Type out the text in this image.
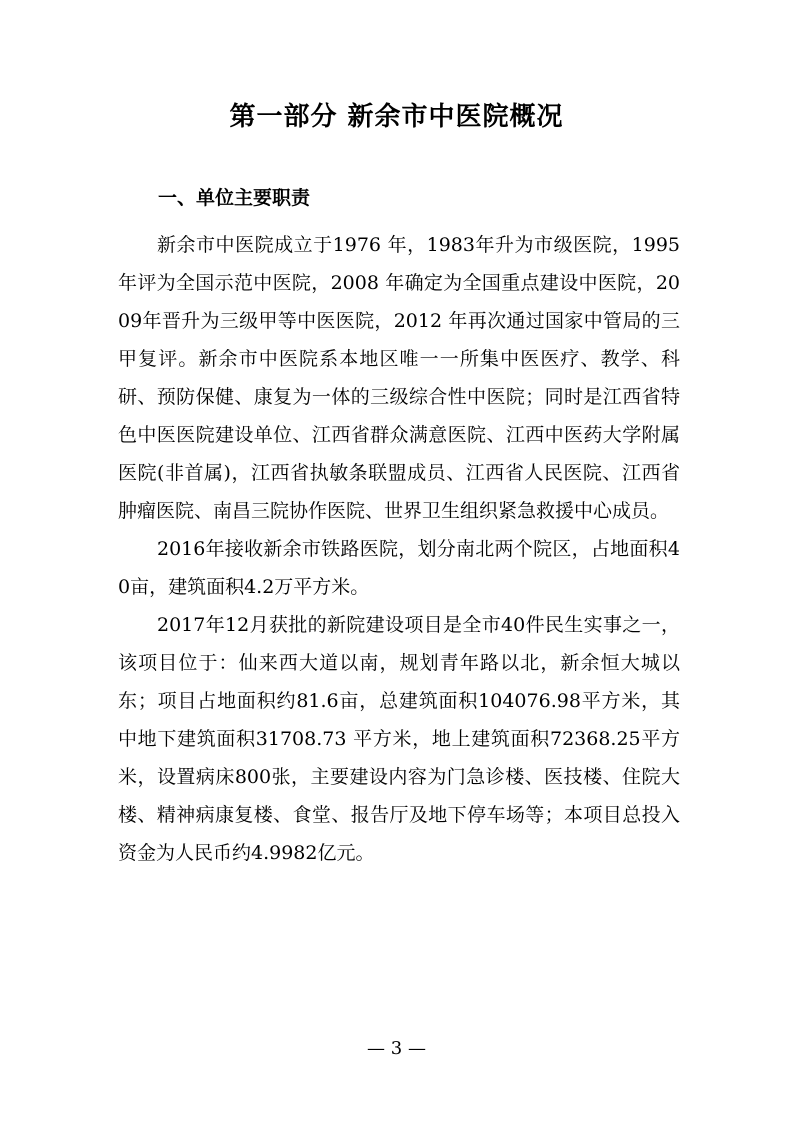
第一部分 新余市中医院概况
一、单位主要职责

新余市中医院成立于1976 年，1983年升为市级医院，1995年评为全国示范中医院，2008 年确定为全国重点建设中医院，2009年晋升为三级甲等中医医院，2012 年再次通过国家中管局的三甲复评。新余市中医院系本地区唯一一所集中医医疗、教学、科研、预防保健、康复为一体的三级综合性中医院；同时是江西省特色中医医院建设单位、江西省群众满意医院、江西中医药大学附属医院(非首属)，江西省执敏条联盟成员、江西省人民医院、江西省肿瘤医院、南昌三院协作医院、世界卫生组织紧急救援中心成员。

2016年接收新余市铁路医院，划分南北两个院区，占地面积40亩，建筑面积4.2万平方米。

2017年12月获批的新院建设项目是全市40件民生实事之一，该项目位于：仙来西大道以南，规划青年路以北，新余恒大城以东；项目占地面积约81.6亩，总建筑面积104076.98平方米，其中地下建筑面积31708.73 平方米，地上建筑面积72368.25平方米，设置病床800张，主要建设内容为门急诊楼、医技楼、住院大楼、精神病康复楼、食堂、报告厅及地下停车场等；本项目总投入资金为人民币约4.9982亿元。

— 3 —
